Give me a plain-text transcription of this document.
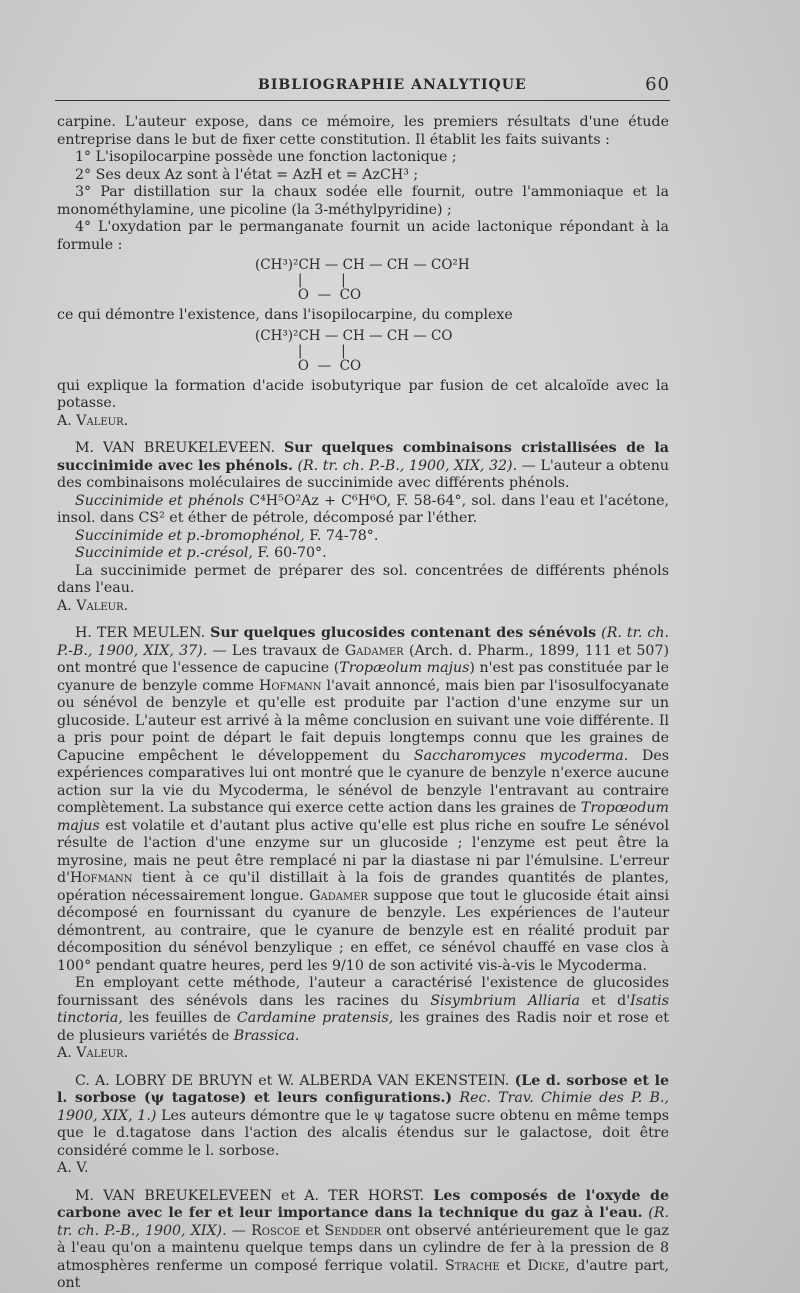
BIBLIOGRAPHIE ANALYTIQUE	60

carpine. L'auteur expose, dans ce mémoire, les premiers résultats d'une étude entreprise dans le but de fixer cette constitution. Il établit les faits suivants :

1° L'isopilocarpine possède une fonction lactonique ;

2° Ses deux Az sont à l'état = AzH et = AzCH³ ;

3° Par distillation sur la chaux sodée elle fournit, outre l'ammoniaque et la monométhylamine, une picoline (la 3-méthylpyridine) ;

4° L'oxydation par le permanganate fournit un acide lactonique répondant à la formule :

(CH³)²CH — CH — CH — CO²H
|         |
O  —  CO

ce qui démontre l'existence, dans l'isopilocarpine, du complexe

(CH³)²CH — CH — CH — CO
|         |
O  —  CO

qui explique la formation d'acide isobutyrique par fusion de cet alcaloïde avec la potasse.

A. Valeur.

M. VAN BREUKELEVEEN. Sur quelques combinaisons cristallisées de la succinimide avec les phénols. (R. tr. ch. P.-B., 1900, XIX, 32). — L'auteur a obtenu des combinaisons moléculaires de succinimide avec différents phénols.

Succinimide et phénols C⁴H⁵O²Az + C⁶H⁶O, F. 58-64°, sol. dans l'eau et l'acétone, insol. dans CS² et éther de pétrole, décomposé par l'éther.

Succinimide et p.-bromophénol, F. 74-78°.

Succinimide et p.-crésol, F. 60-70°.

La succinimide permet de préparer des sol. concentrées de différents phénols dans l'eau.

A. Valeur.

H. TER MEULEN. Sur quelques glucosides contenant des sénévols (R. tr. ch. P.-B., 1900, XIX, 37). — Les travaux de Gadamer (Arch. d. Pharm., 1899, 111 et 507) ont montré que l'essence de capucine (Tropæolum majus) n'est pas constituée par le cyanure de benzyle comme Hofmann l'avait annoncé, mais bien par l'isosulfocyanate ou sénévol de benzyle et qu'elle est produite par l'action d'une enzyme sur un glucoside. L'auteur est arrivé à la même conclusion en suivant une voie différente. Il a pris pour point de départ le fait depuis longtemps connu que les graines de Capucine empêchent le développement du Saccharomyces mycoderma. Des expériences comparatives lui ont montré que le cyanure de benzyle n'exerce aucune action sur la vie du Mycoderma, le sénévol de benzyle l'entravant au contraire complètement. La substance qui exerce cette action dans les graines de Tropœodum majus est volatile et d'autant plus active qu'elle est plus riche en soufre Le sénévol résulte de l'action d'une enzyme sur un glucoside ; l'enzyme est peut être la myrosine, mais ne peut être remplacé ni par la diastase ni par l'émulsine. L'erreur d'Hofmann tient à ce qu'il distillait à la fois de grandes quantités de plantes, opération nécessairement longue. Gadamer suppose que tout le glucoside était ainsi décomposé en fournissant du cyanure de benzyle. Les expériences de l'auteur démontrent, au contraire, que le cyanure de benzyle est en réalité produit par décomposition du sénévol benzylique ; en effet, ce sénévol chauffé en vase clos à 100° pendant quatre heures, perd les 9/10 de son activité vis-à-vis le Mycoderma.

En employant cette méthode, l'auteur a caractérisé l'existence de glucosides fournissant des sénévols dans les racines du Sisymbrium Alliaria et d'Isatis tinctoria, les feuilles de Cardamine pratensis, les graines des Radis noir et rose et de plusieurs variétés de Brassica.

A. Valeur.

C. A. LOBRY DE BRUYN et W. ALBERDA VAN EKENSTEIN. (Le d. sorbose et le l. sorbose (ψ tagatose) et leurs configurations.) Rec. Trav. Chimie des P. B., 1900, XIX, 1.) Les auteurs démontre que le ψ tagatose sucre obtenu en même temps que le d.tagatose dans l'action des alcalis étendus sur le galactose, doit être considéré comme le l. sorbose.

A. V.

M. VAN BREUKELEVEEN et A. TER HORST. Les composés de l'oxyde de carbone avec le fer et leur importance dans la technique du gaz à l'eau. (R. tr. ch. P.-B., 1900, XIX). — Roscoe et Sendder ont observé antérieurement que le gaz à l'eau qu'on a maintenu quelque temps dans un cylindre de fer à la pression de 8 atmosphères renferme un composé ferrique volatil. Strache et Dicke, d'autre part, ont
